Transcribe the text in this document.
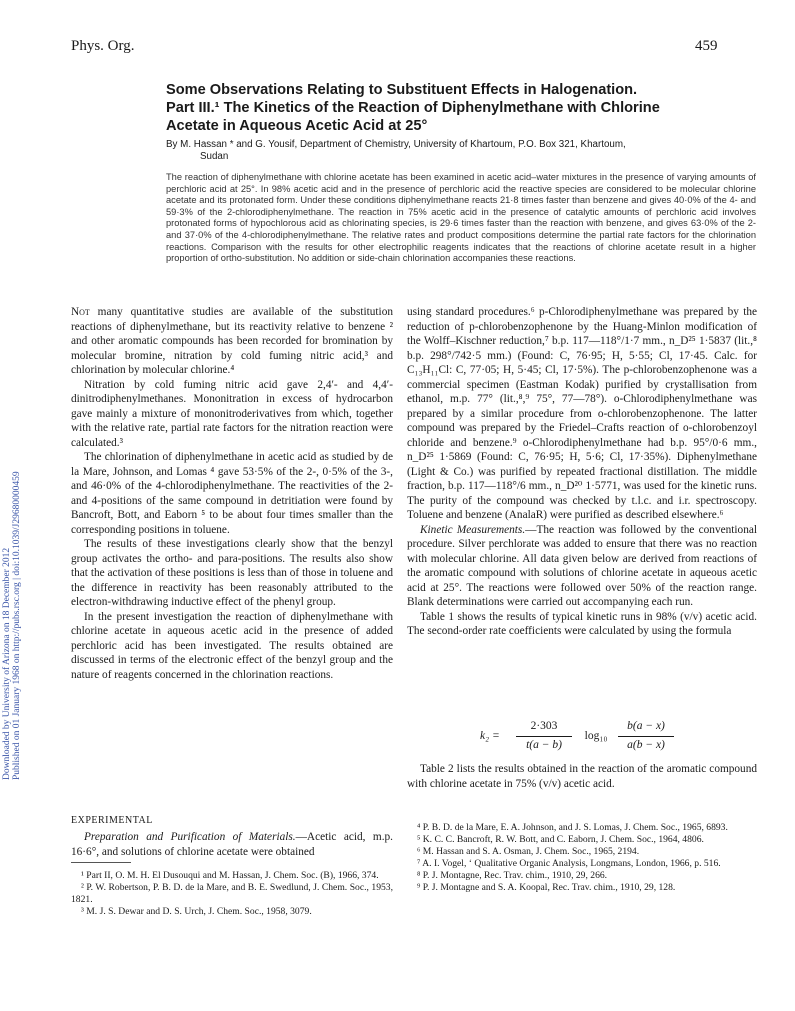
Phys. Org.	459
Downloaded by University of Arizona on 18 December 2012 Published on 01 January 1968 on http://pubs.rsc.org | doi:10.1039/J29680000459
Some Observations Relating to Substituent Effects in Halogenation.
Part III.¹ The Kinetics of the Reaction of Diphenylmethane with Chlorine
Acetate in Aqueous Acetic Acid at 25°
By M. Hassan * and G. Yousif, Department of Chemistry, University of Khartoum, P.O. Box 321, Khartoum,
Sudan
The reaction of diphenylmethane with chlorine acetate has been examined in acetic acid–water mixtures in the presence of varying amounts of perchloric acid at 25°. In 98% acetic acid and in the presence of perchloric acid the reactive species are considered to be molecular chlorine acetate and its protonated form. Under these conditions diphenylmethane reacts 21·8 times faster than benzene and gives 40·0% of the 4- and 59·3% of the 2-chlorodiphenylmethane. The reaction in 75% acetic acid in the presence of catalytic amounts of perchloric acid involves protonated forms of hypochlorous acid as chlorinating species, is 29·6 times faster than the reaction with benzene, and gives 63·0% of the 2- and 37·0% of the 4-chlorodiphenylmethane. The relative rates and product compositions determine the partial rate factors for the chlorination reactions. Comparison with the results for other electrophilic reagents indicates that the reactions of chlorine acetate result in a higher proportion of ortho-substitution. No addition or side-chain chlorination accompanies these reactions.

Not many quantitative studies are available of the substitution reactions of diphenylmethane, but its reactivity relative to benzene ² and other aromatic compounds has been recorded for bromination by molecular bromine, nitration by cold fuming nitric acid,³ and chlorination by molecular chlorine.⁴

Nitration by cold fuming nitric acid gave 2,4′- and 4,4′-dinitrodiphenylmethanes. Mononitration in excess of hydrocarbon gave mainly a mixture of mononitroderivatives from which, together with the relative rate, partial rate factors for the nitration reaction were calculated.³

The chlorination of diphenylmethane in acetic acid as studied by de la Mare, Johnson, and Lomas ⁴ gave 53·5% of the 2-, 0·5% of the 3-, and 46·0% of the 4-chlorodiphenylmethane. The reactivities of the 2- and 4-positions of the same compound in detritiation were found by Bancroft, Bott, and Eaborn ⁵ to be about four times smaller than the corresponding positions in toluene.

The results of these investigations clearly show that the benzyl group activates the ortho- and para-positions. The results also show that the activation of these positions is less than of those in toluene and the difference in reactivity has been reasonably attributed to the electron-withdrawing inductive effect of the phenyl group.

In the present investigation the reaction of diphenylmethane with chlorine acetate in aqueous acetic acid in the presence of added perchloric acid has been investigated. The results obtained are discussed in terms of the electronic effect of the benzyl group and the nature of reagents concerned in the chlorination reactions.

EXPERIMENTAL

Preparation and Purification of Materials.—Acetic acid, m.p. 16·6°, and solutions of chlorine acetate were obtained

¹ Part II, O. M. H. El Dusouqui and M. Hassan, J. Chem. Soc. (B), 1966, 374.
² P. W. Robertson, P. B. D. de la Mare, and B. E. Swedlund, J. Chem. Soc., 1953, 1821.
³ M. J. S. Dewar and D. S. Urch, J. Chem. Soc., 1958, 3079.

using standard procedures.⁶ p-Chlorodiphenylmethane was prepared by the reduction of p-chlorobenzophenone by the Huang-Minlon modification of the Wolff–Kischner reduction,⁷ b.p. 117—118°/1·7 mm., n_D²⁵ 1·5837 (lit.,⁸ b.p. 298°/742·5 mm.) (Found: C, 76·95; H, 5·55; Cl, 17·45. Calc. for C₁₃H₁₁Cl: C, 77·05; H, 5·45; Cl, 17·5%). The p-chlorobenzophenone was a commercial specimen (Eastman Kodak) purified by crystallisation from ethanol, m.p. 77° (lit.,⁸,⁹ 75°, 77—78°). o-Chlorodiphenylmethane was prepared by a similar procedure from o-chlorobenzophenone. The latter compound was prepared by the Friedel–Crafts reaction of o-chlorobenzoyl chloride and benzene.⁹ o-Chlorodiphenylmethane had b.p. 95°/0·6 mm., n_D²⁵ 1·5869 (Found: C, 76·95; H, 5·6; Cl, 17·35%). Diphenylmethane (Light & Co.) was purified by repeated fractional distillation. The middle fraction, b.p. 117—118°/6 mm., n_D²⁰ 1·5771, was used for the kinetic runs. The purity of the compound was checked by t.l.c. and i.r. spectroscopy. Toluene and benzene (AnalaR) were purified as described elsewhere.⁶

Kinetic Measurements.—The reaction was followed by the conventional procedure. Silver perchlorate was added to ensure that there was no reaction with molecular chlorine. All data given below are derived from reactions of the aromatic compound with solutions of chlorine acetate in aqueous acetic acid at 25°. The reactions were followed over 50% of the reaction range. Blank determinations were carried out accompanying each run.

Table 1 shows the results of typical kinetic runs in 98% (v/v) acetic acid. The second-order rate coefficients were calculated by using the formula

k₂ =
2·303
t(a − b)
log₁₀
b(a − x)
a(b − x)

Table 2 lists the results obtained in the reaction of the aromatic compound with chlorine acetate in 75% (v/v) acetic acid.

⁴ P. B. D. de la Mare, E. A. Johnson, and J. S. Lomas, J. Chem. Soc., 1965, 6893.
⁵ K. C. C. Bancroft, R. W. Bott, and C. Eaborn, J. Chem. Soc., 1964, 4806.
⁶ M. Hassan and S. A. Osman, J. Chem. Soc., 1965, 2194.
⁷ A. I. Vogel, ‘ Qualitative Organic Analysis, Longmans, London, 1966, p. 516.
⁸ P. J. Montagne, Rec. Trav. chim., 1910, 29, 266.
⁹ P. J. Montagne and S. A. Koopal, Rec. Trav. chim., 1910, 29, 128.
